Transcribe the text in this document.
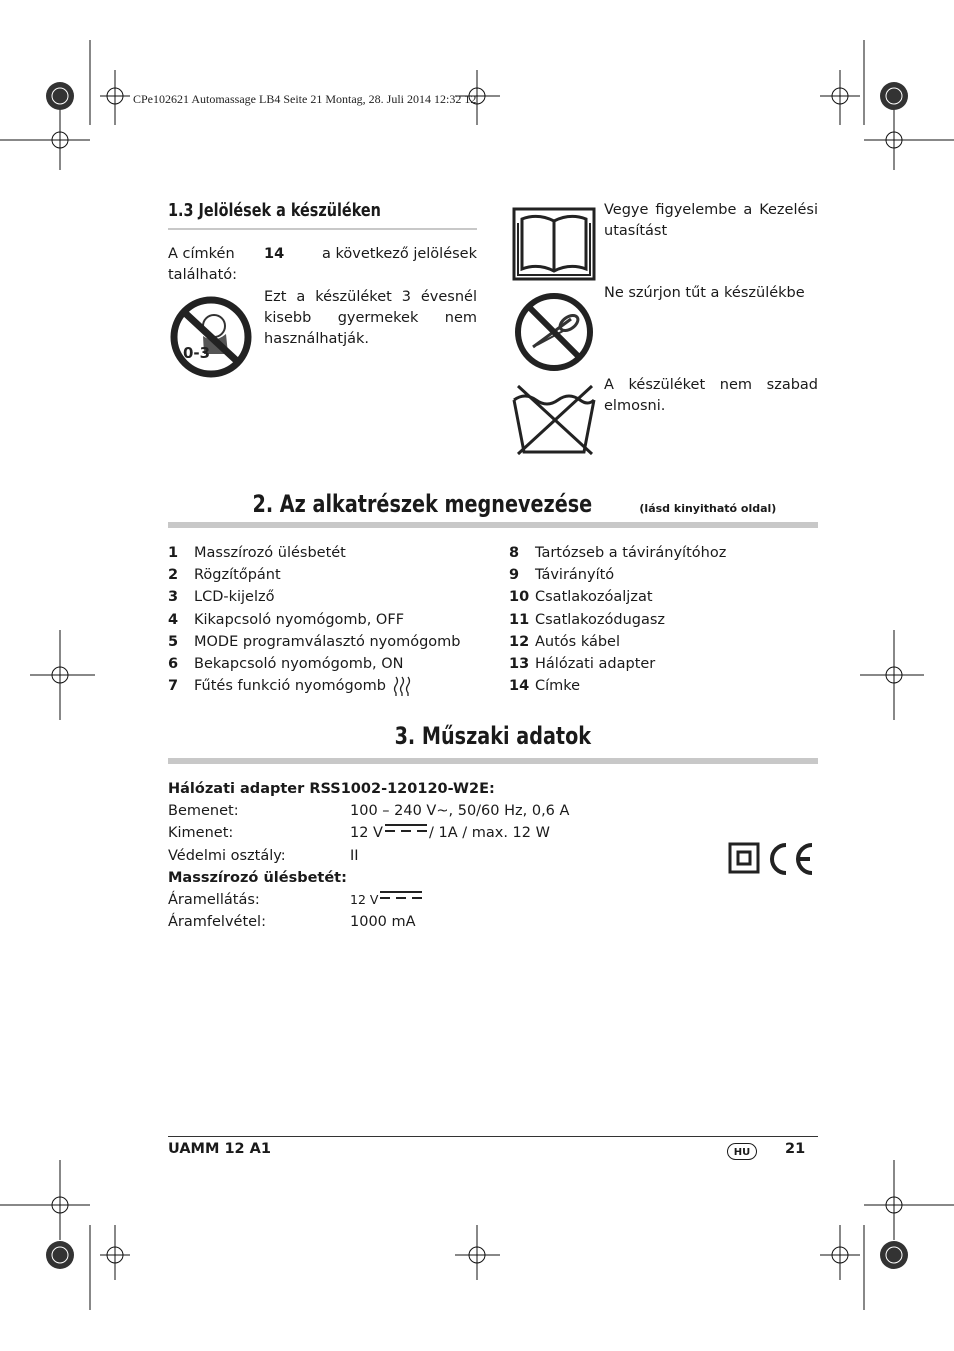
CPe102621 Automassage LB4 Seite 21 Montag, 28. Juli 2014 12:32 12
1.3 Jelölések a készüléken
A címkén található:
14	a következő jelölések
0-3
Ezt a készüléket 3 évesnél kisebb gyermekek nem használhatják.
Vegye figyelembe a Kezelési utasítást
Ne szúrjon tűt a készülékbe
A készüléket nem szabad elmosni.
2. Az alkatrészek megnevezése	(lásd kinyitható oldal)
1	Masszírozó ülésbetét
2	Rögzítőpánt
3	LCD-kijelző
4	Kikapcsoló nyomógomb, OFF
5	MODE programválasztó nyomógomb
6	Bekapcsoló nyomógomb, ON
7	Fűtés funkció nyomógomb
8	Tartózseb a távirányítóhoz
9	Távirányító
10 Csatlakozóaljzat
11 Csatlakozódugasz
12 Autós kábel
13 Hálózati adapter
14 Címke
3. Műszaki adatok
Hálózati adapter RSS1002-120120-W2E:
Bemenet:	100 – 240 V~, 50/60 Hz, 0,6 A
Kimenet:	12 V	/ 1A / max. 12 W
Védelmi osztály:	II
Masszírozó ülésbetét:
Áramellátás:	12 V
Áramfelvétel:	1000 mA
UAMM 12 A1	HU	21
